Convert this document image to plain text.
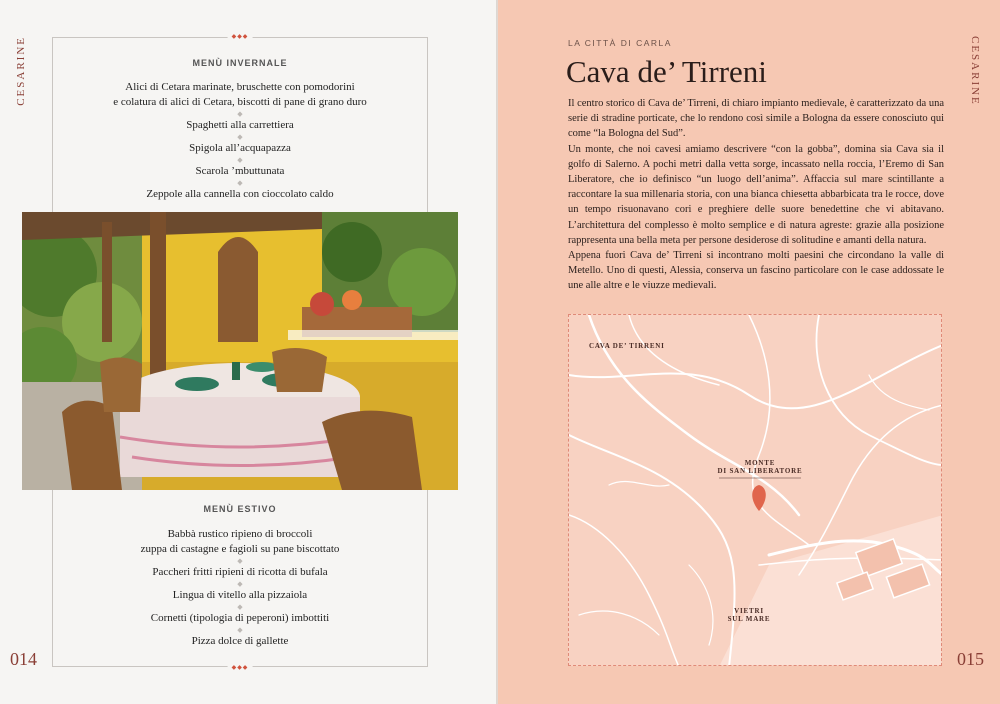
CESARINE	◆◆◆
◆◆◆
MENÙ INVERNALE
Alici di Cetara marinate, bruschette con pomodorini
e colatura di alici di Cetara, biscotti di pane di grano duro
◆
Spaghetti alla carrettiera
◆
Spigola all’acquapazza
◆
Scarola ’mbuttunata
◆
Zeppole alla cannella con cioccolato caldo
MENÙ ESTIVO
Babbà rustico ripieno di broccoli
zuppa di castagne e fagioli su pane biscottato
◆
Paccheri fritti ripieni di ricotta di bufala
◆
Lingua di vitello alla pizzaiola
◆
Cornetti (tipologia di peperoni) imbottiti
◆
Pizza dolce di gallette
014
CESARINE
015
LA CITTÀ DI CARLA
Cava de’ Tirreni

Il centro storico di Cava de’ Tirreni, di chiaro impianto medievale, è caratterizzato da una serie di stradine porticate, che lo rendono così simile a Bologna da essere conosciuto qui come “la Bologna del Sud”.

Un monte, che noi cavesi amiamo descrivere “con la gobba”, domina sia Cava sia il golfo di Salerno. A pochi metri dalla vetta sorge, incassato nella roccia, l’Eremo di San Liberatore, che io definisco “un luogo dell’anima”. Affaccia sul mare scintillante a raccontare la sua millenaria storia, con una bianca chiesetta abbarbicata tra le rocce, dove un tempo risuonavano cori e preghiere delle suore benedettine che vi abitavano. L’architettura del complesso è molto semplice e di natura agreste: grazie alla posizione rappresenta una bella meta per persone desiderose di solitudine e amanti della natura.

Appena fuori Cava de’ Tirreni si incontrano molti paesini che circondano la valle di Metello. Uno di questi, Alessia, conserva un fascino particolare con le case addossate le une alle altre e le viuzze medievali.

CAVA DE’ TIRRENI
MONTE
DI SAN LIBERATORE
VIETRI
SUL MARE
